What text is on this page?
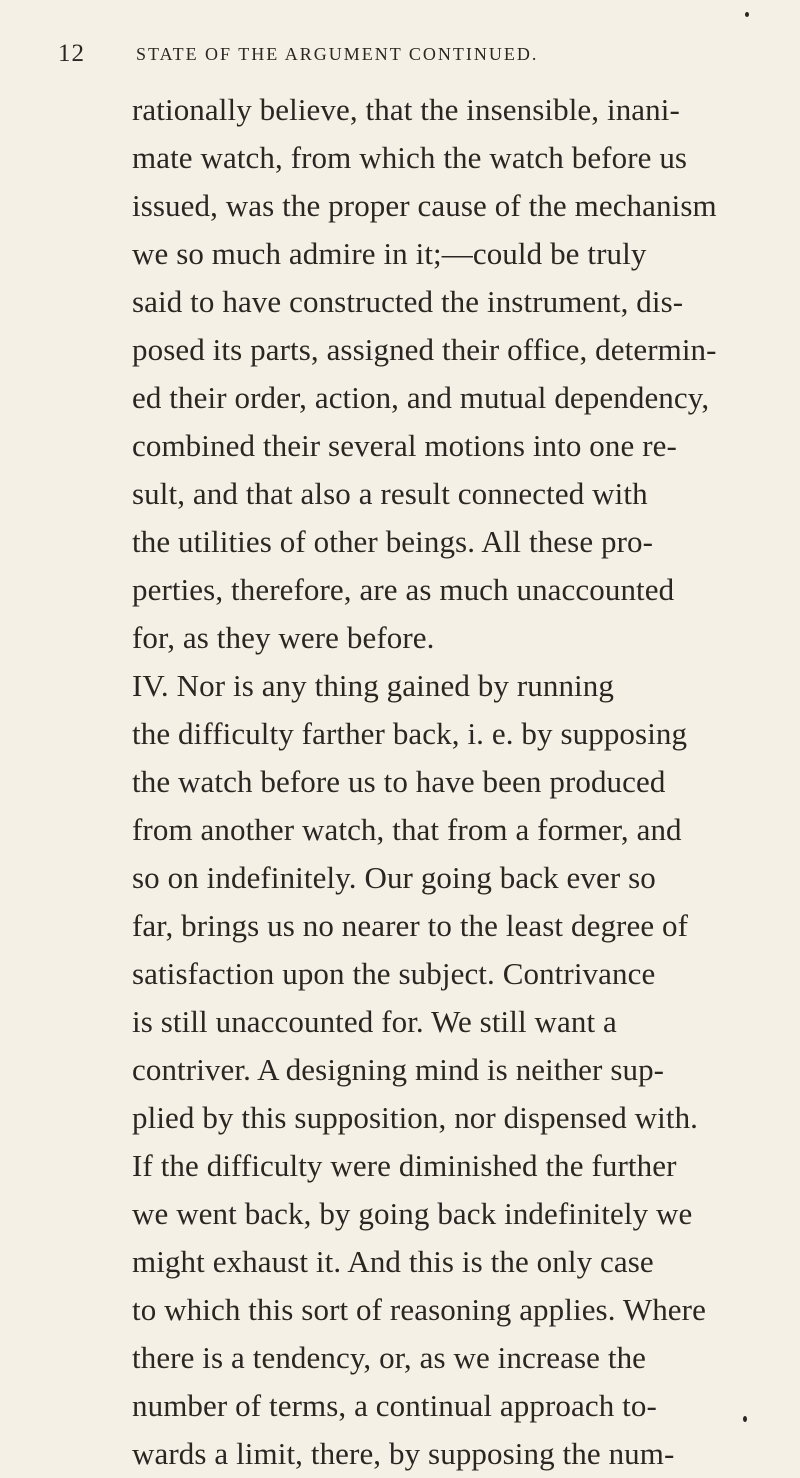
12	STATE OF THE ARGUMENT CONTINUED.
rationally believe, that the insensible, inani-
mate watch, from which the watch before us
issued, was the proper cause of the mechanism
we so much admire in it;—could be truly
said to have constructed the instrument, dis-
posed its parts, assigned their office, determin-
ed their order, action, and mutual dependency,
combined their several motions into one re-
sult, and that also a result connected with
the utilities of other beings. All these pro-
perties, therefore, are as much unaccounted
for, as they were before.
IV. Nor is any thing gained by running
the difficulty farther back, i. e. by supposing
the watch before us to have been produced
from another watch, that from a former, and
so on indefinitely. Our going back ever so
far, brings us no nearer to the least degree of
satisfaction upon the subject. Contrivance
is still unaccounted for. We still want a
contriver. A designing mind is neither sup-
plied by this supposition, nor dispensed with.
If the difficulty were diminished the further
we went back, by going back indefinitely we
might exhaust it. And this is the only case
to which this sort of reasoning applies. Where
there is a tendency, or, as we increase the
number of terms, a continual approach to-
wards a limit, there, by supposing the num-
